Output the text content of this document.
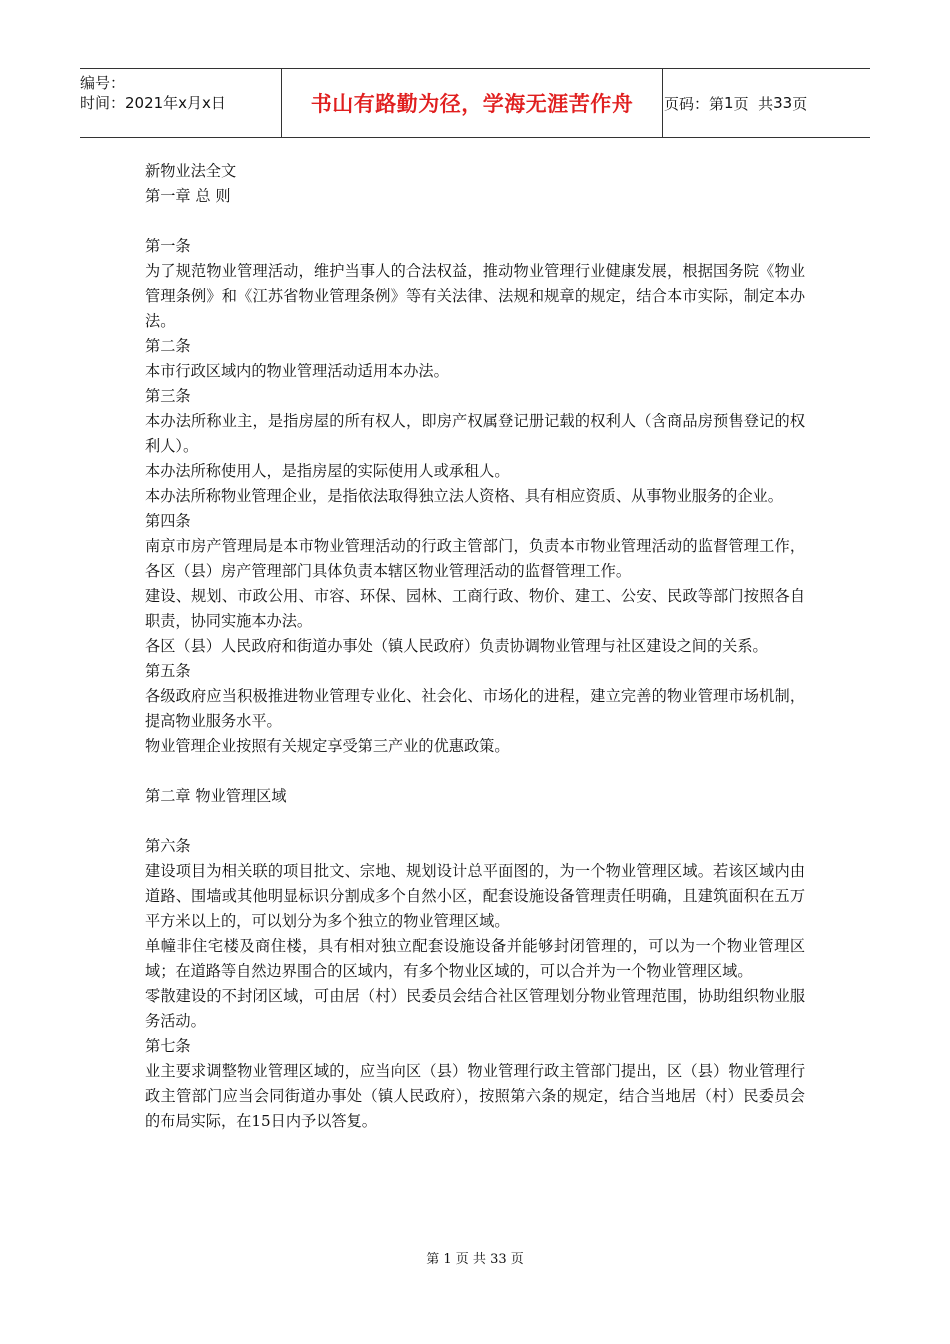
编号：
时间：2021年x月x日	书山有路勤为径，学海无涯苦作舟	页码：第 1 页  共 33 页

新物业法全文

第一章 总 则

第一条

为了规范物业管理活动，维护当事人的合法权益，推动物业管理行业健康发展，根据国务院《物业管理条例》和《江苏省物业管理条例》等有关法律、法规和规章的规定，结合本市实际，制定本办法。

第二条

本市行政区域内的物业管理活动适用本办法。

第三条

本办法所称业主，是指房屋的所有权人，即房产权属登记册记载的权利人（含商品房预售登记的权利人）。

本办法所称使用人，是指房屋的实际使用人或承租人。

本办法所称物业管理企业，是指依法取得独立法人资格、具有相应资质、从事物业服务的企业。

第四条

南京市房产管理局是本市物业管理活动的行政主管部门，负责本市物业管理活动的监督管理工作，各区（县）房产管理部门具体负责本辖区物业管理活动的监督管理工作。

建设、规划、市政公用、市容、环保、园林、工商行政、物价、建工、公安、民政等部门按照各自职责，协同实施本办法。

各区（县）人民政府和街道办事处（镇人民政府）负责协调物业管理与社区建设之间的关系。

第五条

各级政府应当积极推进物业管理专业化、社会化、市场化的进程，建立完善的物业管理市场机制，提高物业服务水平。

物业管理企业按照有关规定享受第三产业的优惠政策。

第二章 物业管理区域

第六条

建设项目为相关联的项目批文、宗地、规划设计总平面图的，为一个物业管理区域。若该区域内由道路、围墙或其他明显标识分割成多个自然小区，配套设施设备管理责任明确，且建筑面积在五万平方米以上的，可以划分为多个独立的物业管理区域。

单幢非住宅楼及商住楼，具有相对独立配套设施设备并能够封闭管理的，可以为一个物业管理区域；在道路等自然边界围合的区域内，有多个物业区域的，可以合并为一个物业管理区域。

零散建设的不封闭区域，可由居（村）民委员会结合社区管理划分物业管理范围，协助组织物业服务活动。

第七条

业主要求调整物业管理区域的，应当向区（县）物业管理行政主管部门提出，区（县）物业管理行政主管部门应当会同街道办事处（镇人民政府），按照第六条的规定，结合当地居（村）民委员会的布局实际，在15日内予以答复。

第 1 页 共 33 页
